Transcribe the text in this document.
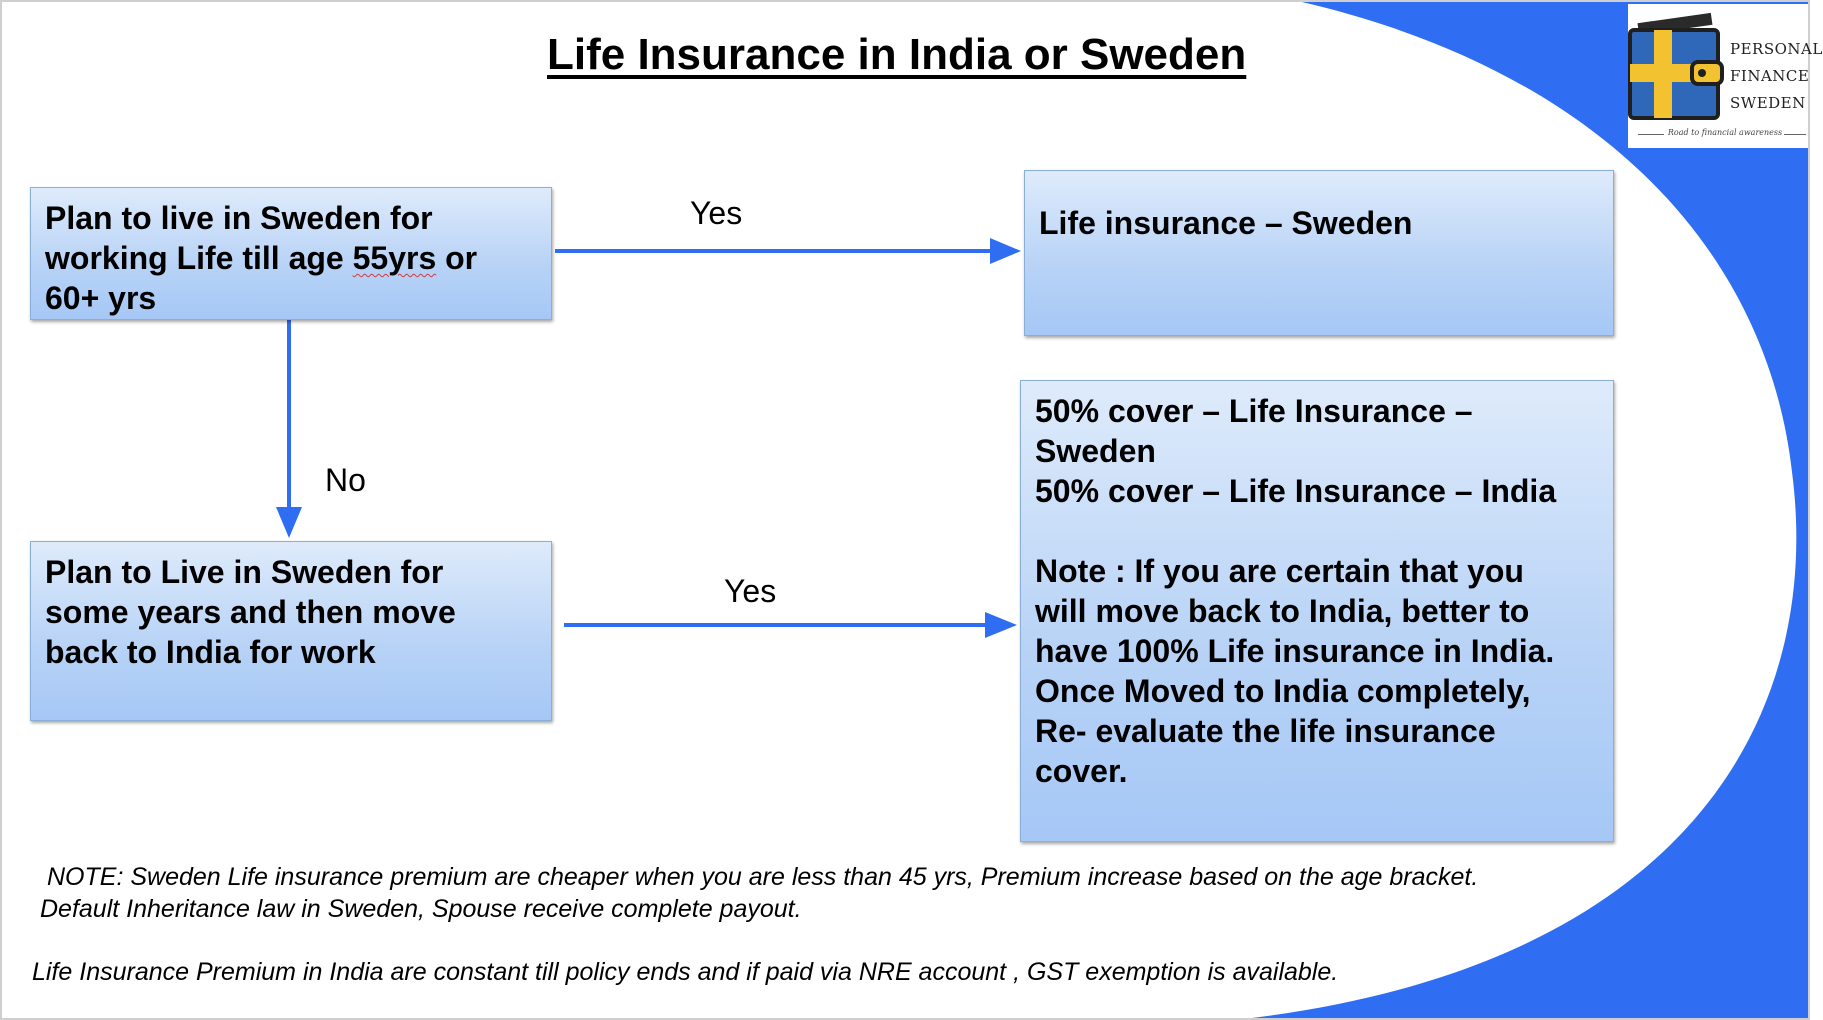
PERSONAL
FINANCE
SWEDEN
Road to financial awareness
Life Insurance in India or Sweden

Plan to live in Sweden for

working Life till age 55yrs or

60+ yrs

Life insurance – Sweden

Plan to Live in Sweden for

some years and then move

back to India for work

50% cover – Life Insurance –

Sweden

50% cover – Life Insurance – India

Note : If you are certain that you

will move back to India, better to

have 100% Life insurance in India.

Once Moved to India completely,

Re- evaluate the life insurance

cover.

Yes
No
Yes
NOTE: Sweden Life insurance premium are cheaper when you are less than 45 yrs, Premium increase based on the age bracket.
Default Inheritance law in Sweden, Spouse receive complete payout.
Life Insurance Premium in India are constant till policy ends and if paid via NRE account , GST exemption is available.
